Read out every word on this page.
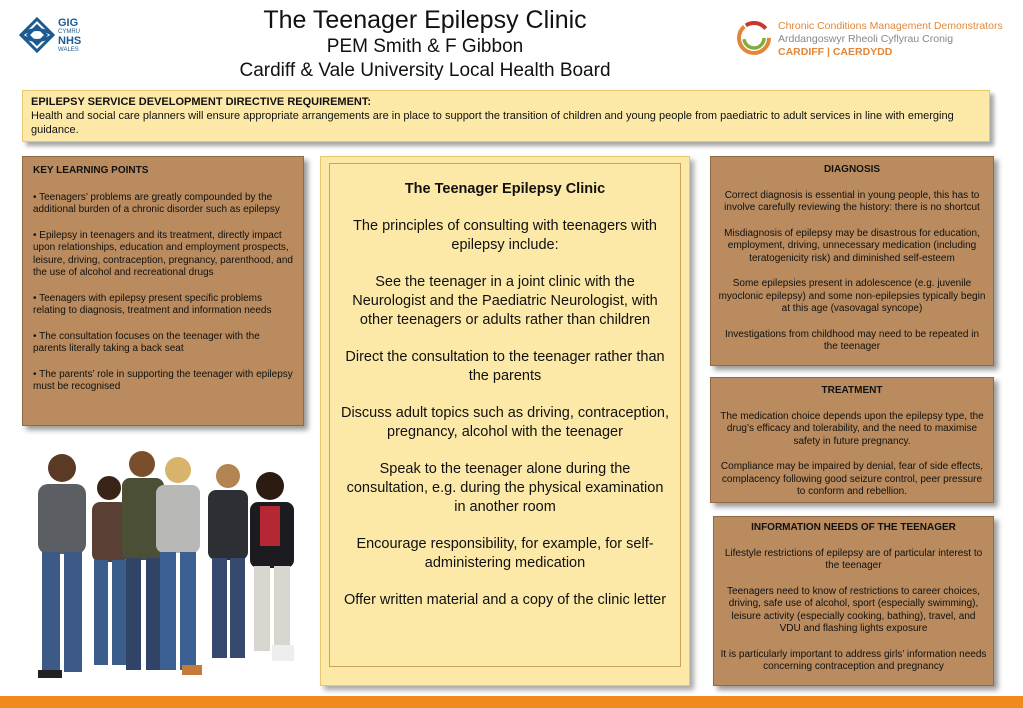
GIG
CYMRU
NHS
WALES
The Teenager Epilepsy Clinic
PEM Smith & F Gibbon
Cardiff & Vale University Local Health Board
Chronic Conditions Management Demonstrators
Arddangoswyr Rheoli Cyflyrau Cronig
CARDIFF | CAERDYDD
EPILEPSY SERVICE DEVELOPMENT DIRECTIVE REQUIREMENT:
Health and social care planners will ensure appropriate arrangements are in place to support the transition of children and young people from paediatric to adult services in line with emerging guidance.
KEY LEARNING POINTS

• Teenagers’ problems are greatly compounded by the additional burden of a chronic disorder such as epilepsy

• Epilepsy in teenagers and its treatment, directly impact upon relationships, education and employment prospects, leisure, driving, contraception, pregnancy, parenthood, and the use of alcohol and recreational drugs

• Teenagers with epilepsy present specific problems relating to diagnosis, treatment and information needs

• The consultation focuses on the teenager with the parents literally taking a back seat

• The parents’ role in supporting the teenager with epilepsy must be recognised

The Teenager Epilepsy Clinic

The principles of consulting with teenagers with epilepsy include:

See the teenager in a joint clinic with the Neurologist and the Paediatric Neurologist, with other teenagers or adults rather than children

Direct the consultation to the teenager rather than the parents

Discuss adult topics such as driving, contraception, pregnancy, alcohol with the teenager

Speak to the teenager alone during the consultation, e.g. during the physical examination in another room

Encourage responsibility, for example, for self-administering medication

Offer written material and a copy of the clinic letter

DIAGNOSIS
Correct diagnosis is essential in young people, this has to involve carefully reviewing the history: there is no shortcut
Misdiagnosis of epilepsy may be disastrous for education, employment, driving, unnecessary medication (including teratogenicity risk) and diminished self-esteem
Some epilepsies present in adolescence (e.g. juvenile myoclonic epilepsy) and some non-epilepsies typically begin at this age (vasovagal syncope)
Investigations from childhood may need to be repeated in the teenager
TREATMENT
The medication choice depends upon the epilepsy type, the drug’s efficacy and tolerability, and the need to maximise safety in future pregnancy.
Compliance may be impaired by denial, fear of side effects, complacency following good seizure control, peer pressure to conform and rebellion.
INFORMATION NEEDS OF THE TEENAGER
Lifestyle restrictions of epilepsy are of particular interest to the teenager
Teenagers need to know of restrictions to career choices, driving, safe use of alcohol, sport (especially swimming), leisure activity (especially cooking, bathing), travel, and VDU and flashing lights exposure
It is particularly important to address girls’ information needs concerning contraception and pregnancy
